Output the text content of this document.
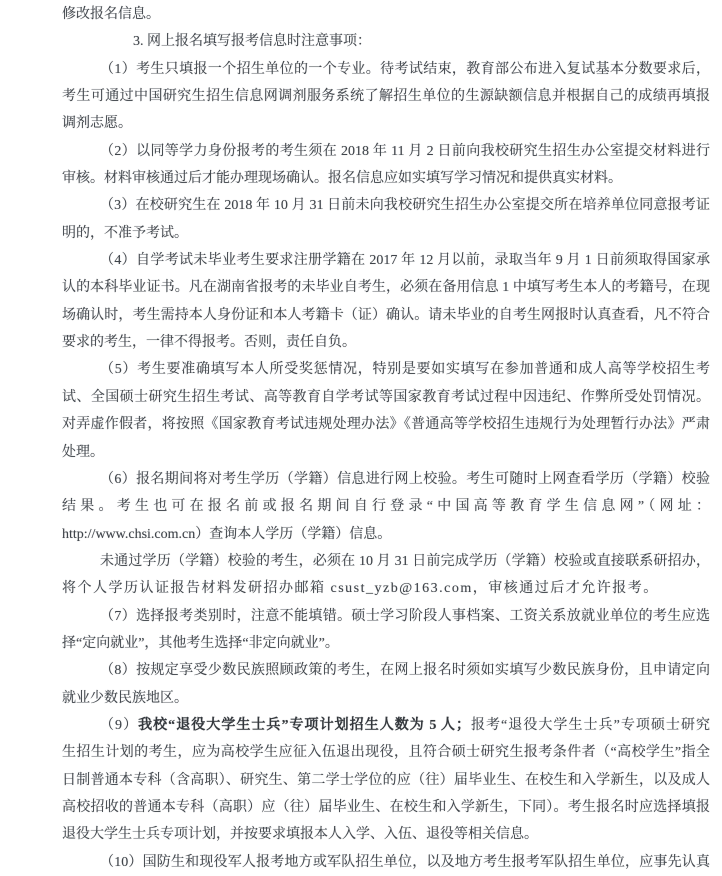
修改报名信息。
3. 网上报名填写报考信息时注意事项：
（1）考生只填报一个招生单位的一个专业。待考试结束，教育部公布进入复试基本分数要求后，
考生可通过中国研究生招生信息网调剂服务系统了解招生单位的生源缺额信息并根据自己的成绩再填报
调剂志愿。
（2）以同等学力身份报考的考生须在 2018 年 11 月 2 日前向我校研究生招生办公室提交材料进行
审核。材料审核通过后才能办理现场确认。报名信息应如实填写学习情况和提供真实材料。
（3）在校研究生在 2018 年 10 月 31 日前未向我校研究生招生办公室提交所在培养单位同意报考证
明的，不准予考试。
（4）自学考试未毕业考生要求注册学籍在 2017 年 12 月以前，录取当年 9 月 1 日前须取得国家承
认的本科毕业证书。凡在湖南省报考的未毕业自考生，必须在备用信息 1 中填写考生本人的考籍号，在现
场确认时，考生需持本人身份证和本人考籍卡（证）确认。请未毕业的自考生网报时认真查看，凡不符合
要求的考生，一律不得报考。否则，责任自负。
（5）考生要准确填写本人所受奖惩情况，特别是要如实填写在参加普通和成人高等学校招生考
试、全国硕士研究生招生考试、高等教育自学考试等国家教育考试过程中因违纪、作弊所受处罚情况。
对弄虚作假者，将按照《国家教育考试违规处理办法》《普通高等学校招生违规行为处理暂行办法》严肃
处理。
（6）报名期间将对考生学历（学籍）信息进行网上校验。考生可随时上网查看学历（学籍）校验
结果。考生也可在报名前或报名期间自行登录“中国高等教育学生信息网”（网址：
http://www.chsi.com.cn）查询本人学历（学籍）信息。
未通过学历（学籍）校验的考生，必须在 10 月 31 日前完成学历（学籍）校验或直接联系研招办，
将个人学历认证报告材料发研招办邮箱 csust_yzb@163.com，审核通过后才允许报考。
（7）选择报考类别时，注意不能填错。硕士学习阶段人事档案、工资关系放就业单位的考生应选
择“定向就业”，其他考生选择“非定向就业”。
（8）按规定享受少数民族照顾政策的考生，在网上报名时须如实填写少数民族身份，且申请定向
就业少数民族地区。
（9）我校“退役大学生士兵”专项计划招生人数为 5 人；报考“退役大学生士兵”专项硕士研究
生招生计划的考生，应为高校学生应征入伍退出现役，且符合硕士研究生报考条件者（“高校学生”指全
日制普通本专科（含高职）、研究生、第二学士学位的应（往）届毕业生、在校生和入学新生，以及成人
高校招收的普通本专科（高职）应（往）届毕业生、在校生和入学新生，下同）。考生报名时应选择填报
退役大学生士兵专项计划，并按要求填报本人入学、入伍、退役等相关信息。
（10）国防生和现役军人报考地方或军队招生单位，以及地方考生报考军队招生单位，应事先认真
